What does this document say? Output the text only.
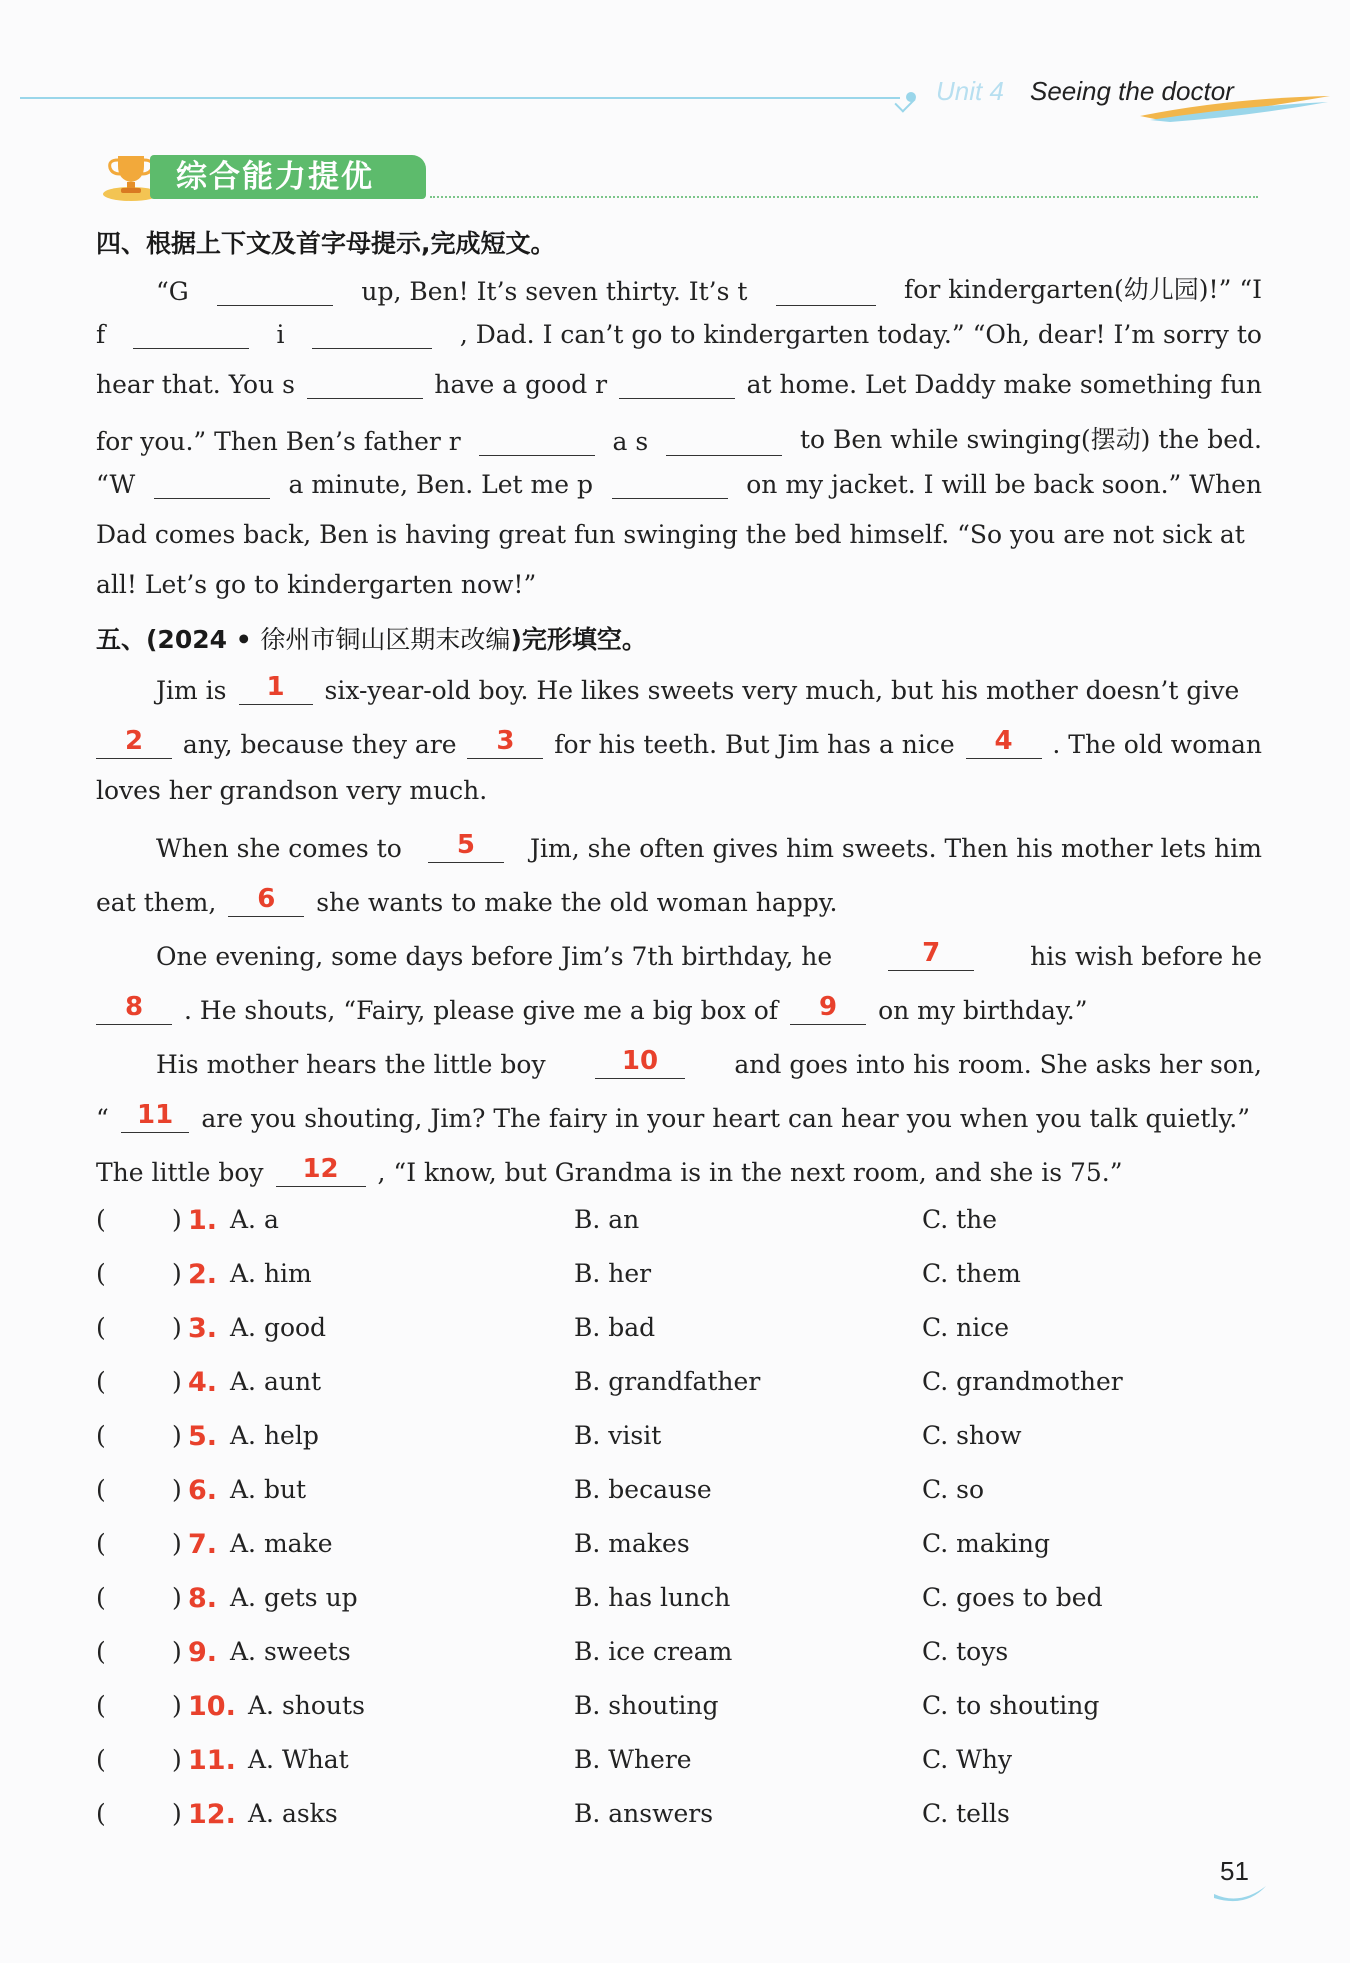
Unit 4 Seeing the doctor
综合能力提优
四、根据上下文及首字母提示,完成短文。
“G	up, Ben! It’s seven thirty. It’s t	for kindergarten(幼儿园)!” “I
f	i	, Dad. I can’t go to kindergarten today.” “Oh, dear! I’m sorry to
hear that. You s	have a good r	at home. Let Daddy make something fun
for you.” Then Ben’s father r	a s	to Ben while swinging(摆动) the bed.
“W	a minute, Ben. Let me p	on my jacket. I will be back soon.” When
Dad comes back, Ben is having great fun swinging the bed himself. “So you are not sick at
all! Let’s go to kindergarten now!”
五、(2024 • 徐州市铜山区期末改编)完形填空。
Jim is	1	six-year-old boy. He likes sweets very much, but his mother doesn’t give
2	any, because they are	3	for his teeth. But Jim has a nice	4	. The old woman
loves her grandson very much.
When she comes to	5	Jim, she often gives him sweets. Then his mother lets him
eat them,	6	she wants to make the old woman happy.
One evening, some days before Jim’s 7th birthday, he	7	his wish before he
8	. He shouts, “Fairy, please give me a big box of	9	on my birthday.”
His mother hears the little boy	10	and goes into his room. She asks her son,
“	11	are you shouting, Jim? The fairy in your heart can hear you when you talk quietly.”
The little boy	12	, “I know, but Grandma is in the next room, and she is 75.”
(	) 1. A. a	B. an	C. the
(	) 2. A. him	B. her	C. them
(	) 3. A. good	B. bad	C. nice
(	) 4. A. aunt	B. grandfather	C. grandmother
(	) 5. A. help	B. visit	C. show
(	) 6. A. but	B. because	C. so
(	) 7. A. make	B. makes	C. making
(	) 8. A. gets up	B. has lunch	C. goes to bed
(	) 9. A. sweets	B. ice cream	C. toys
(	) 10. A. shouts	B. shouting	C. to shouting
(	) 11. A. What	B. Where	C. Why
(	) 12. A. asks	B. answers	C. tells
51
